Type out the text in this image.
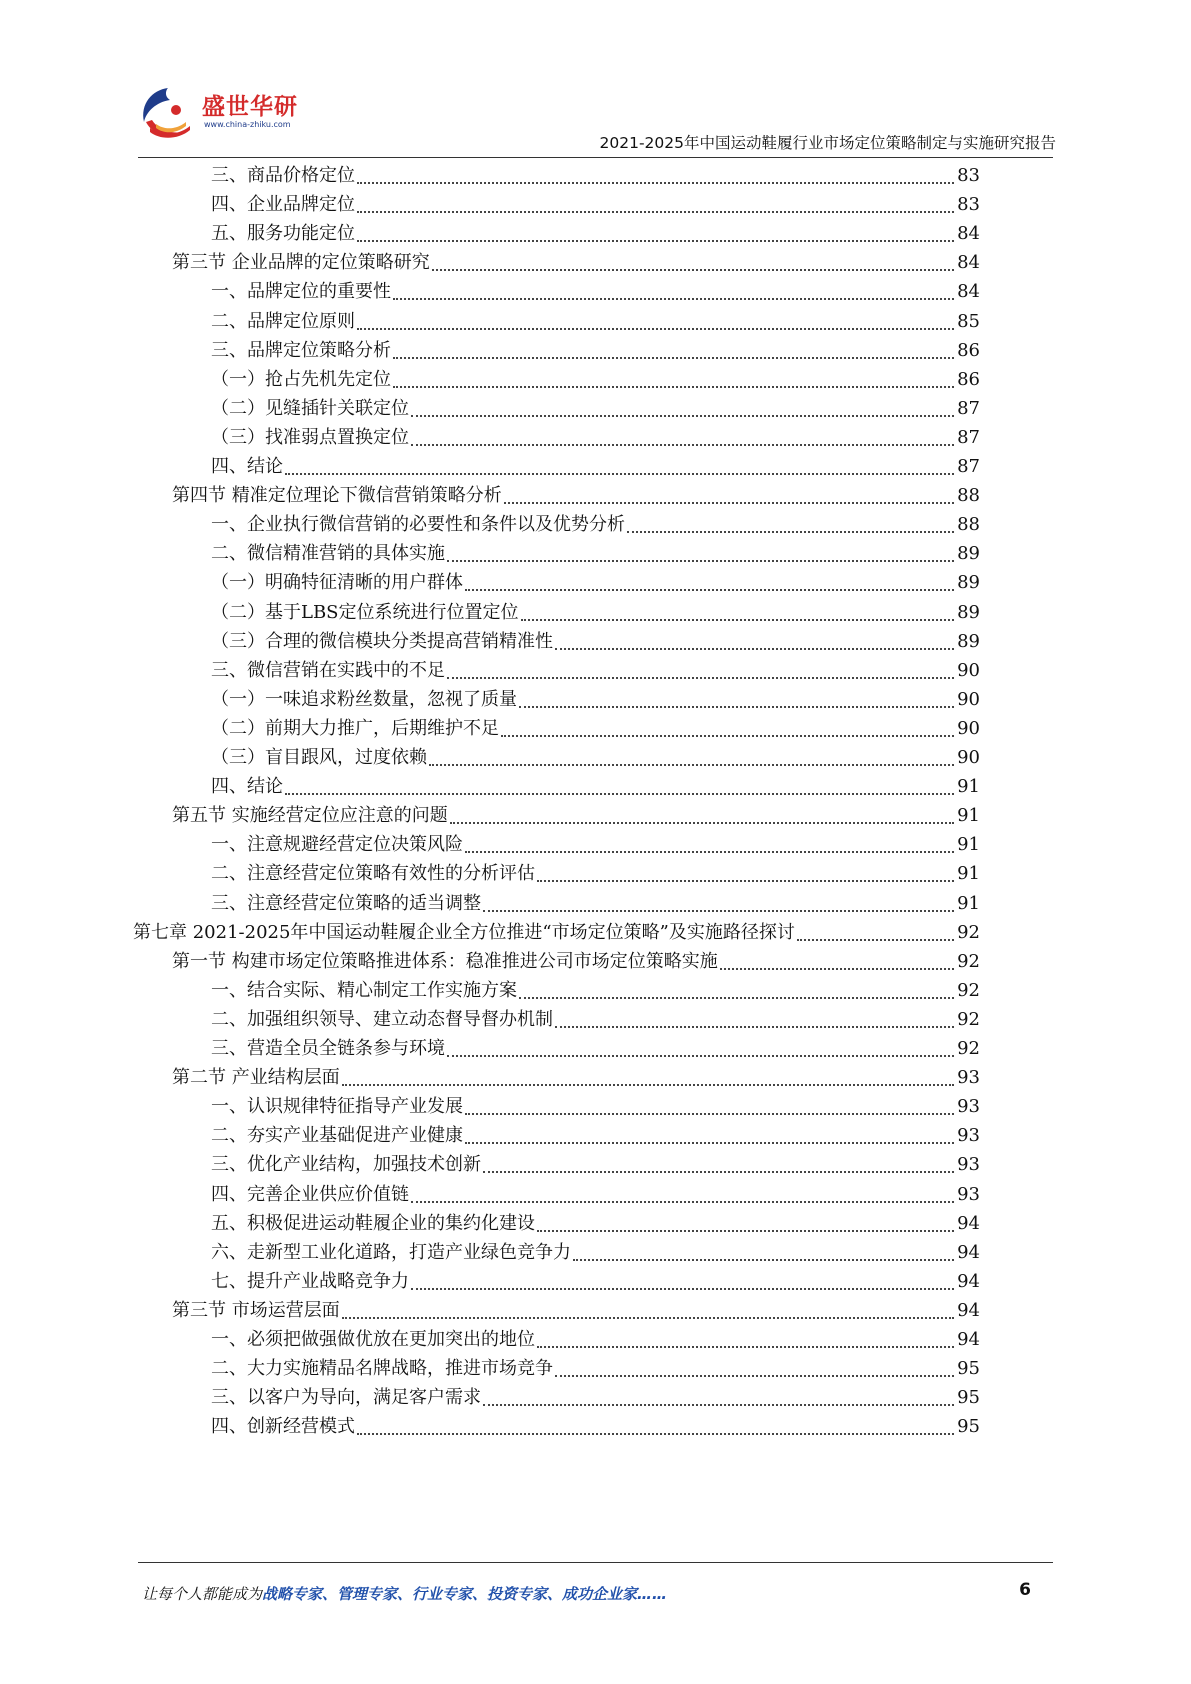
盛世华研
www.china-zhiku.com
2021-2025年中国运动鞋履行业市场定位策略制定与实施研究报告
三、商品价格定位	83
四、企业品牌定位	83
五、服务功能定位	84
第三节 企业品牌的定位策略研究	84
一、品牌定位的重要性	84
二、品牌定位原则	85
三、品牌定位策略分析	86
（一）抢占先机先定位	86
（二）见缝插针关联定位	87
（三）找准弱点置换定位	87
四、结论	87
第四节 精准定位理论下微信营销策略分析	88
一、企业执行微信营销的必要性和条件以及优势分析	88
二、微信精准营销的具体实施	89
（一）明确特征清晰的用户群体	89
（二）基于LBS定位系统进行位置定位	89
（三）合理的微信模块分类提高营销精准性	89
三、微信营销在实践中的不足	90
（一）一味追求粉丝数量，忽视了质量	90
（二）前期大力推广，后期维护不足	90
（三）盲目跟风，过度依赖	90
四、结论	91
第五节 实施经营定位应注意的问题	91
一、注意规避经营定位决策风险	91
二、注意经营定位策略有效性的分析评估	91
三、注意经营定位策略的适当调整	91
第七章 2021-2025年中国运动鞋履企业全方位推进“市场定位策略”及实施路径探讨	92
第一节 构建市场定位策略推进体系：稳准推进公司市场定位策略实施	92
一、结合实际、精心制定工作实施方案	92
二、加强组织领导、建立动态督导督办机制	92
三、营造全员全链条参与环境	92
第二节 产业结构层面	93
一、认识规律特征指导产业发展	93
二、夯实产业基础促进产业健康	93
三、优化产业结构，加强技术创新	93
四、完善企业供应价值链	93
五、积极促进运动鞋履企业的集约化建设	94
六、走新型工业化道路，打造产业绿色竞争力	94
七、提升产业战略竞争力	94
第三节 市场运营层面	94
一、必须把做强做优放在更加突出的地位	94
二、大力实施精品名牌战略，推进市场竞争	95
三、以客户为导向，满足客户需求	95
四、创新经营模式	95
让每个人都能成为战略专家、管理专家、行业专家、投资专家、成功企业家……	6
